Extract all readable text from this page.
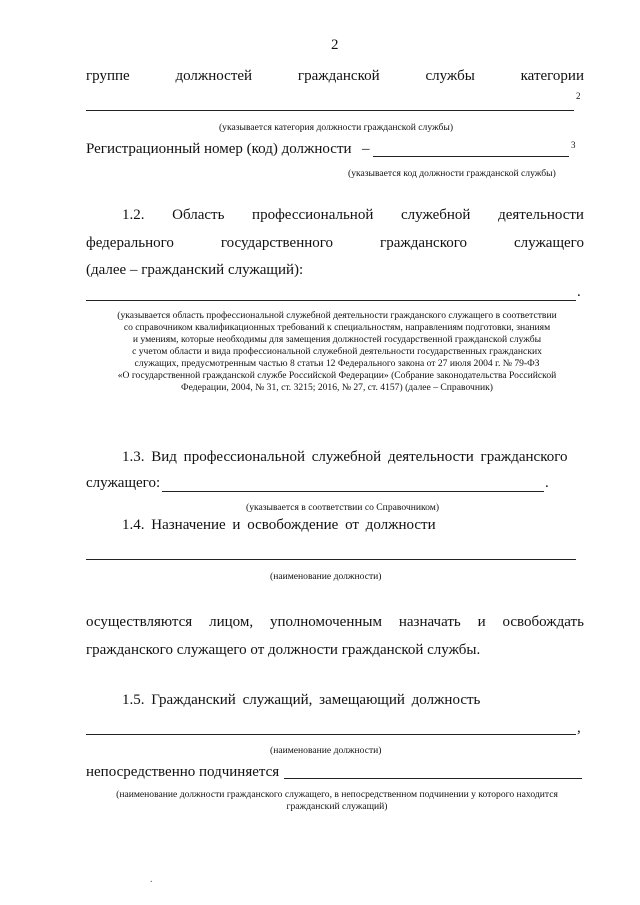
2
группе	должностей	гражданской	службы	категории
2
(указывается категория должности гражданской службы)
Регистрационный номер (код) должности –	3
(указывается код должности гражданской службы)
1.2. Область профессиональной служебной деятельности
федерального	государственного	гражданского	служащего
(далее – гражданский служащий):
.
(указывается область профессиональной служебной деятельности гражданского служащего в соответствии
со справочником квалификационных требований к специальностям, направлениям подготовки, знаниям
и умениям, которые необходимы для замещения должностей государственной гражданской службы
с учетом области и вида профессиональной служебной деятельности государственных гражданских
служащих, предусмотренным частью 8 статьи 12 Федерального закона от 27 июля 2004 г. № 79-ФЗ
«О государственной гражданской службе Российской Федерации» (Собрание законодательства Российской
Федерации, 2004, № 31, ст. 3215; 2016, № 27, ст. 4157) (далее – Справочник)
1.3. Вид профессиональной служебной деятельности гражданского
служащего:	.
(указывается в соответствии со Справочником)
1.4. Назначение и освобождение от должности
(наименование должности)
осуществляются лицом, уполномоченным назначать и освобождать
гражданского служащего от должности гражданской службы.
1.5. Гражданский служащий, замещающий должность
,
(наименование должности)
непосредственно подчиняется
(наименование должности гражданского служащего, в непосредственном подчинении у которого находится
гражданский служащий)
.
